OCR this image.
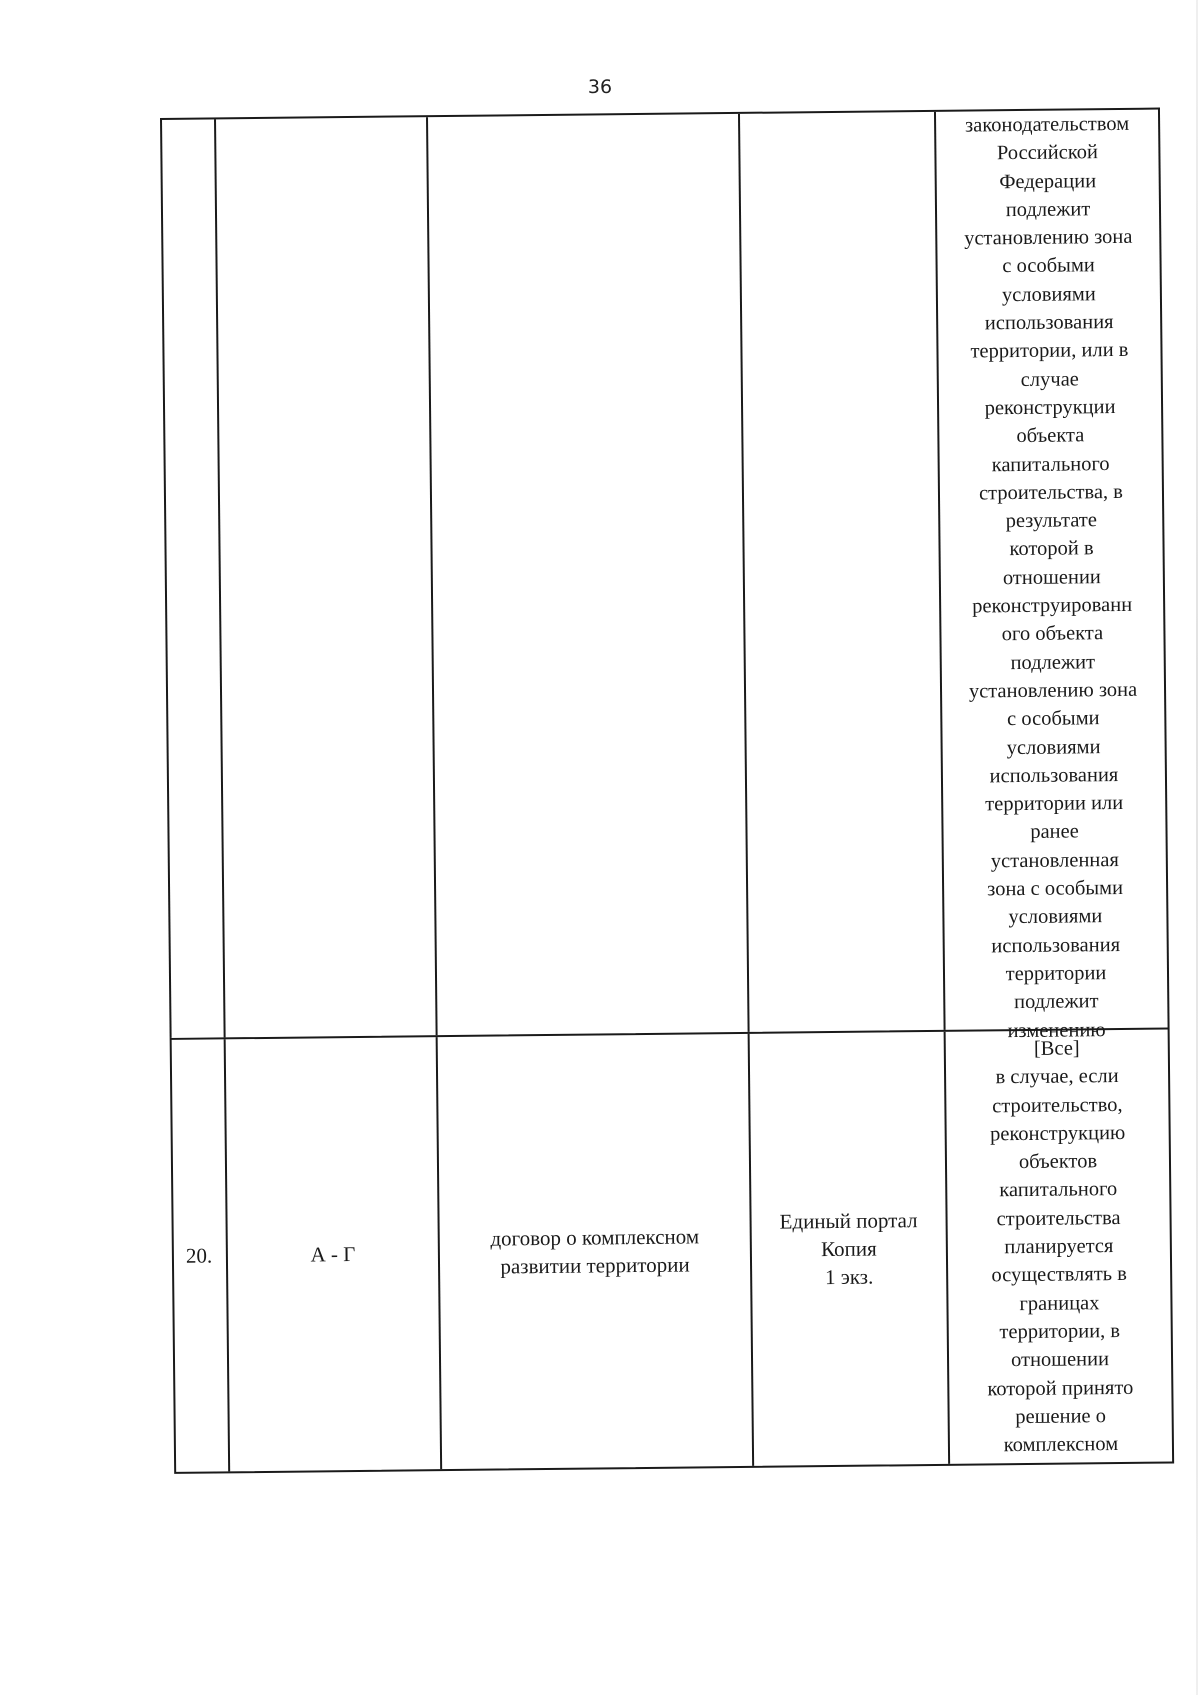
36
законодательством
Российской
Федерации
подлежит
установлению зона
с особыми
условиями
использования
территории, или в
случае
реконструкции
объекта
капитального
строительства, в
результате
которой в
отношении
реконструированн
ого объекта
подлежит
установлению зона
с особыми
условиями
использования
территории или
ранее
установленная
зона с особыми
условиями
использования
территории
подлежит
изменению
20.	А - Г
договор о комплексном
развитии территории
Единый портал
Копия
1 экз.
[Все]
в случае, если
строительство,
реконструкцию
объектов
капитального
строительства
планируется
осуществлять в
границах
территории, в
отношении
которой принято
решение о
комплексном
